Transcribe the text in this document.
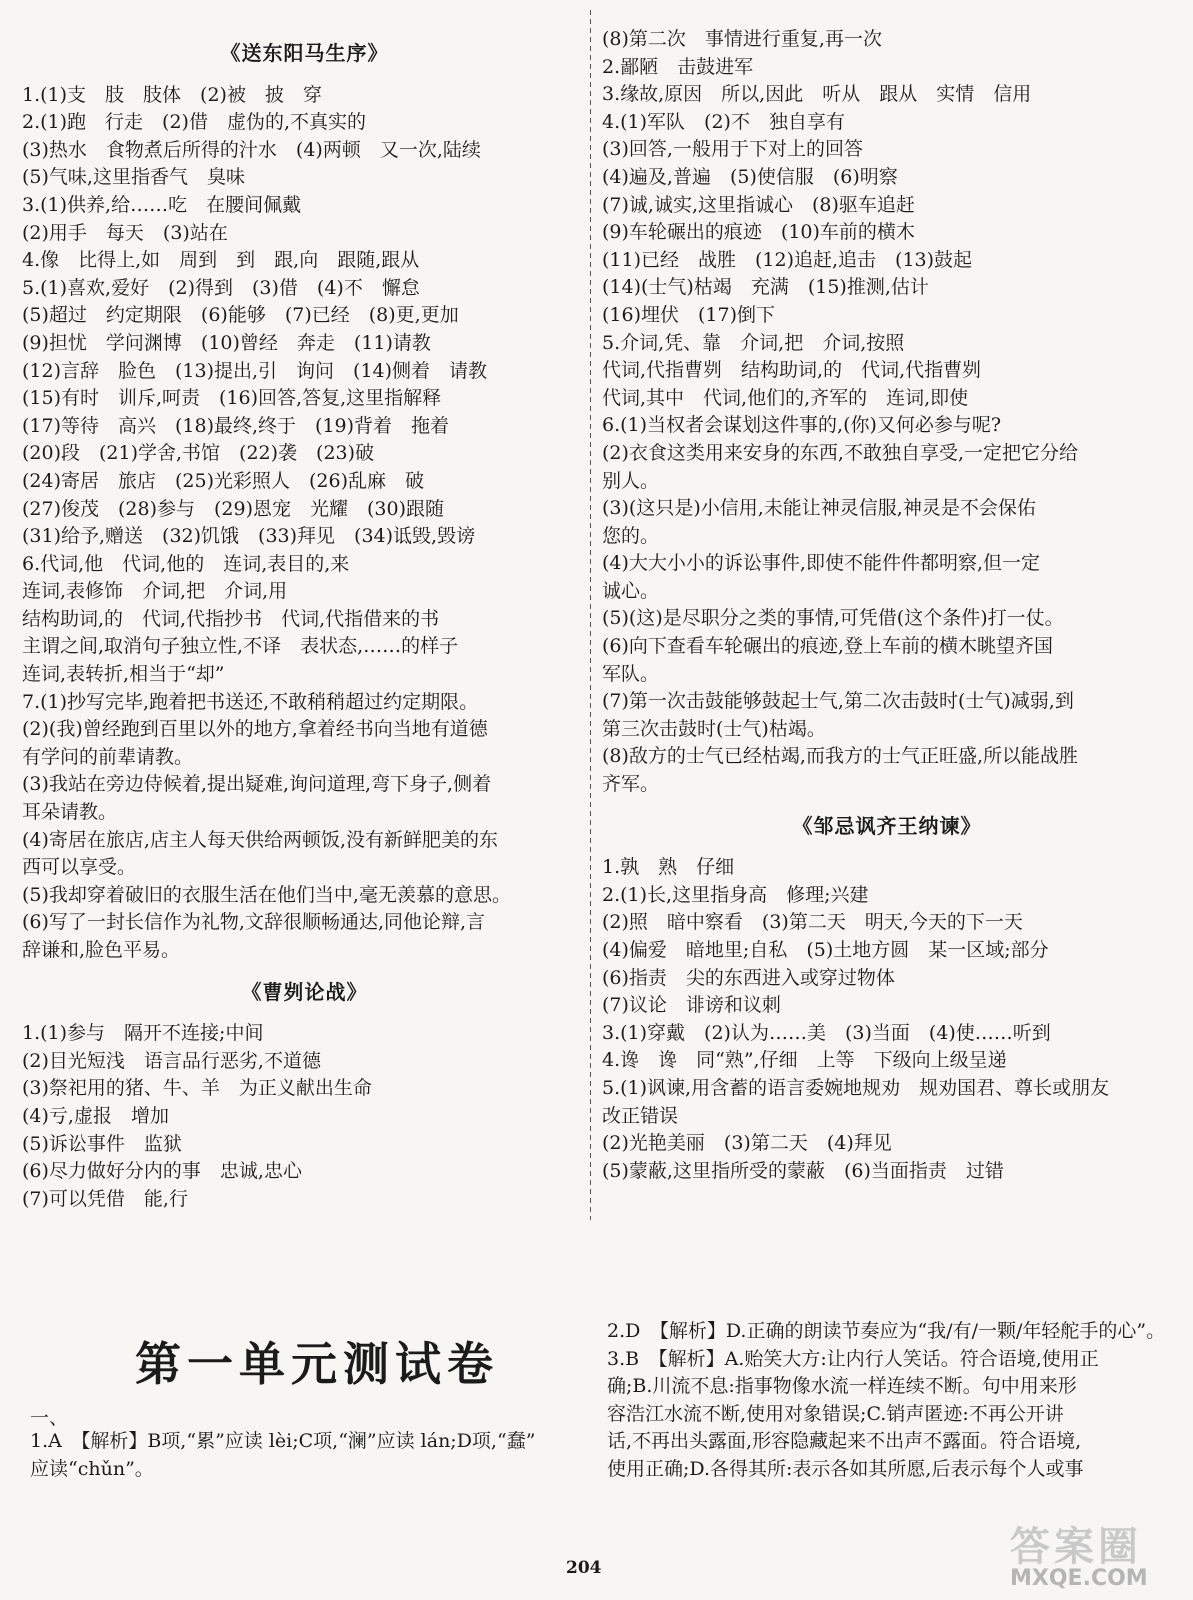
《送东阳马生序》
1.(1)支　肢　肢体　(2)被　披　穿
2.(1)跑　行走　(2)借　虚伪的,不真实的
(3)热水　食物煮后所得的汁水　(4)两顿　又一次,陆续
(5)气味,这里指香气　臭味
3.(1)供养,给……吃　在腰间佩戴
(2)用手　每天　(3)站在
4.像　比得上,如　周到　到　跟,向　跟随,跟从
5.(1)喜欢,爱好　(2)得到　(3)借　(4)不　懈怠
(5)超过　约定期限　(6)能够　(7)已经　(8)更,更加
(9)担忧　学问渊博　(10)曾经　奔走　(11)请教
(12)言辞　脸色　(13)提出,引　询问　(14)侧着　请教
(15)有时　训斥,呵责　(16)回答,答复,这里指解释
(17)等待　高兴　(18)最终,终于　(19)背着　拖着
(20)段　(21)学舍,书馆　(22)袭　(23)破
(24)寄居　旅店　(25)光彩照人　(26)乱麻　破
(27)俊茂　(28)参与　(29)恩宠　光耀　(30)跟随
(31)给予,赠送　(32)饥饿　(33)拜见　(34)诋毁,毁谤
6.代词,他　代词,他的　连词,表目的,来
连词,表修饰　介词,把　介词,用
结构助词,的　代词,代指抄书　代词,代指借来的书
主谓之间,取消句子独立性,不译　表状态,……的样子
连词,表转折,相当于“却”
7.(1)抄写完毕,跑着把书送还,不敢稍稍超过约定期限。
(2)(我)曾经跑到百里以外的地方,拿着经书向当地有道德
有学问的前辈请教。
(3)我站在旁边侍候着,提出疑难,询问道理,弯下身子,侧着
耳朵请教。
(4)寄居在旅店,店主人每天供给两顿饭,没有新鲜肥美的东
西可以享受。
(5)我却穿着破旧的衣服生活在他们当中,毫无羡慕的意思。
(6)写了一封长信作为礼物,文辞很顺畅通达,同他论辩,言
辞谦和,脸色平易。
《曹刿论战》
1.(1)参与　隔开不连接;中间
(2)目光短浅　语言品行恶劣,不道德
(3)祭祀用的猪、牛、羊　为正义献出生命
(4)亏,虚报　增加
(5)诉讼事件　监狱
(6)尽力做好分内的事　忠诚,忠心
(7)可以凭借　能,行
(8)第二次　事情进行重复,再一次
2.鄙陋　击鼓进军
3.缘故,原因　所以,因此　听从　跟从　实情　信用
4.(1)军队　(2)不　独自享有
(3)回答,一般用于下对上的回答
(4)遍及,普遍　(5)使信服　(6)明察
(7)诚,诚实,这里指诚心　(8)驱车追赶
(9)车轮碾出的痕迹　(10)车前的横木
(11)已经　战胜　(12)追赶,追击　(13)鼓起
(14)(士气)枯竭　充满　(15)推测,估计
(16)埋伏　(17)倒下
5.介词,凭、靠　介词,把　介词,按照
代词,代指曹刿　结构助词,的　代词,代指曹刿
代词,其中　代词,他们的,齐军的　连词,即使
6.(1)当权者会谋划这件事的,(你)又何必参与呢?
(2)衣食这类用来安身的东西,不敢独自享受,一定把它分给
别人。
(3)(这只是)小信用,未能让神灵信服,神灵是不会保佑
您的。
(4)大大小小的诉讼事件,即使不能件件都明察,但一定
诚心。
(5)(这)是尽职分之类的事情,可凭借(这个条件)打一仗。
(6)向下查看车轮碾出的痕迹,登上车前的横木眺望齐国
军队。
(7)第一次击鼓能够鼓起士气,第二次击鼓时(士气)减弱,到
第三次击鼓时(士气)枯竭。
(8)敌方的士气已经枯竭,而我方的士气正旺盛,所以能战胜
齐军。
《邹忌讽齐王纳谏》
1.孰　熟　仔细
2.(1)长,这里指身高　修理;兴建
(2)照　暗中察看　(3)第二天　明天,今天的下一天
(4)偏爱　暗地里;自私　(5)土地方圆　某一区域;部分
(6)指责　尖的东西进入或穿过物体
(7)议论　诽谤和议刺
3.(1)穿戴　(2)认为……美　(3)当面　(4)使……听到
4.谗　谗　同“熟”,仔细　上等　下级向上级呈递
5.(1)讽谏,用含蓄的语言委婉地规劝　规劝国君、尊长或朋友
改正错误
(2)光艳美丽　(3)第二天　(4)拜见
(5)蒙蔽,这里指所受的蒙蔽　(6)当面指责　过错
第一单元测试卷
一、
1.A　【解析】B项,“累”应读 lèi;C项,“澜”应读 lán;D项,“蠢”
应读“chǔn”。
2.D　【解析】D.正确的朗读节奏应为“我/有/一颗/年轻舵手的心”。
3.B　【解析】A.贻笑大方:让内行人笑话。符合语境,使用正
确;B.川流不息:指事物像水流一样连续不断。句中用来形
容浩江水流不断,使用对象错误;C.销声匿迹:不再公开讲
话,不再出头露面,形容隐藏起来不出声不露面。符合语境,
使用正确;D.各得其所:表示各如其所愿,后表示每个人或事
204	答案圈
MXQE.COM
